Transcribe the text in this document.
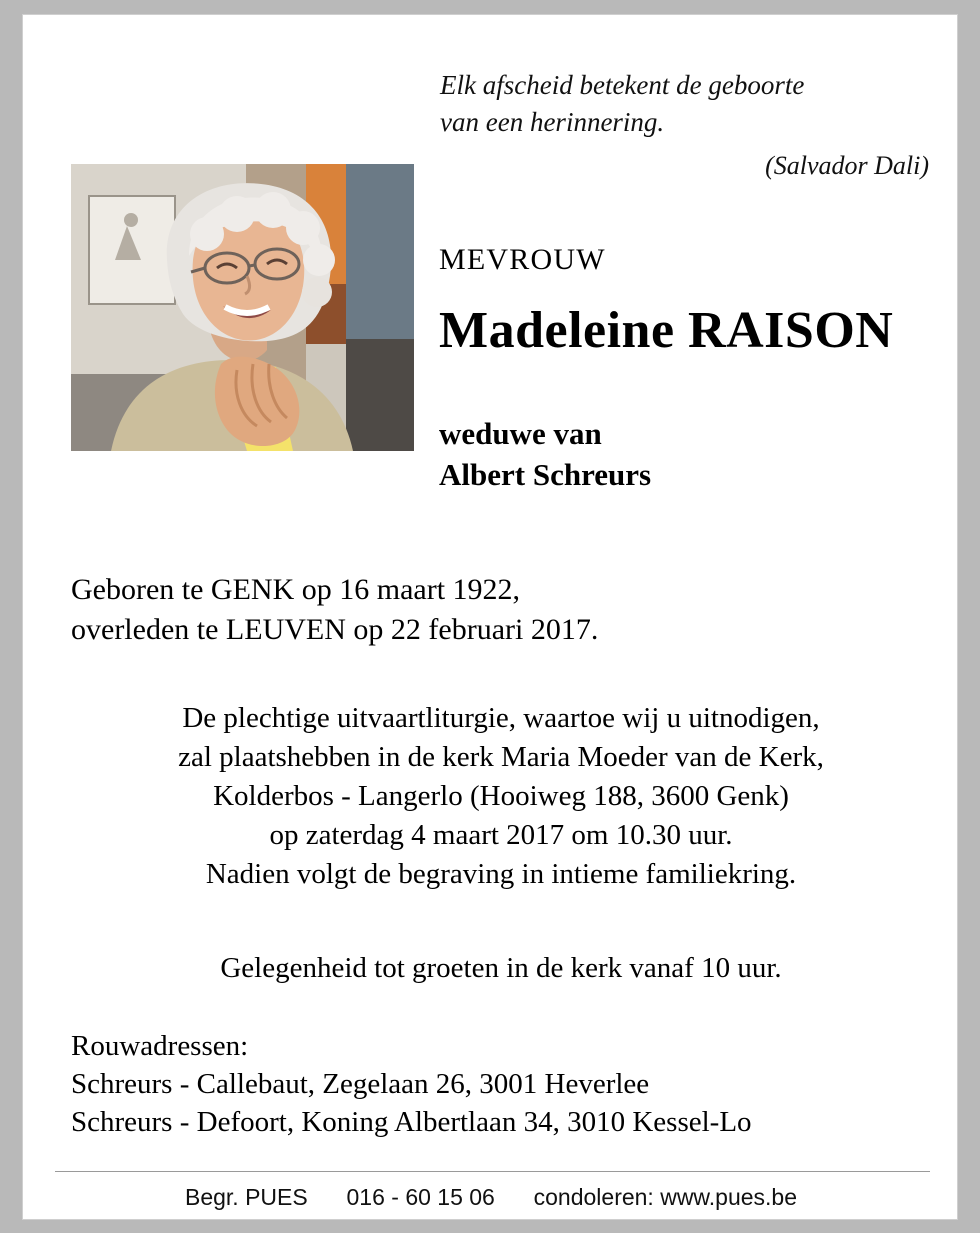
Elk afscheid betekent de geboorte
van een herinnering.
(Salvador Dali)
MEVROUW
Madeleine RAISON
weduwe van
Albert Schreurs
Geboren te GENK op 16 maart 1922,
overleden te LEUVEN op 22 februari 2017.
De plechtige uitvaartliturgie, waartoe wij u uitnodigen,
zal plaatshebben in de kerk Maria Moeder van de Kerk,
Kolderbos - Langerlo (Hooiweg 188, 3600 Genk)
op zaterdag 4 maart 2017 om 10.30 uur.
Nadien volgt de begraving in intieme familiekring.
Gelegenheid tot groeten in de kerk vanaf 10 uur.
Rouwadressen:
Schreurs - Callebaut, Zegelaan 26, 3001 Heverlee
Schreurs - Defoort, Koning Albertlaan 34, 3010 Kessel-Lo
Begr. PUES 016 - 60 15 06 condoleren: www.pues.be
